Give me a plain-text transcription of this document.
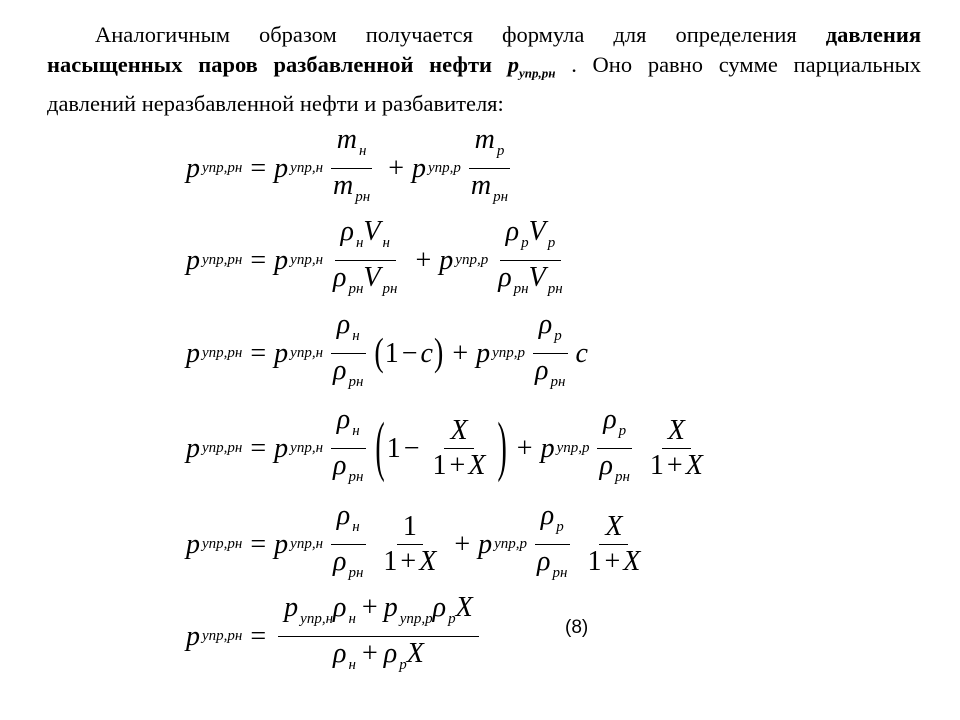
Аналогичным образом получается формула для определения давления насыщенных паров разбавленной нефти $p_{упр,рн}$ . Оно равно сумме парциальных давлений неразбавленной нефти и разбавителя:
p упр,рн = p $упр,н \frac{m _н}{m _{рн}} + p$ $упр,р \frac{m _р}{m _{рн}}$
p упр,рн = p $упр,н \frac{\rho _нV _н}{\rho _{рн}V _{рн}} + p$ $упр,р \frac{\rho _рV _р}{\rho _{рн}V _{рн}}$
p упр,рн = p $упр,н \frac{\rho _н}{\rho _{рн}}$ ( 1 − c ) + p $упр,р \frac{\rho _р}{\rho _{рн}}$ c
p упр,рн = p $упр,н \frac{\rho _н}{\rho _{рн}}$ ( $1 - \frac{X}{1 + X}$ ) + p $упр,р \frac{\rho _р}{\rho _{рн}} \frac{X}{1 + X}$
p упр,рн = p $упр,н \frac{\rho _н}{\rho _{рн}} \frac{1}{1 + X} + p$ $упр,р \frac{\rho _р}{\rho _{рн}} \frac{X}{1 + X}$
p $упр,рн = \frac{p _{упр,н}\rho _н + p _{упр,р}\rho _рX}{\rho _н + \rho _рX}$	(8)
